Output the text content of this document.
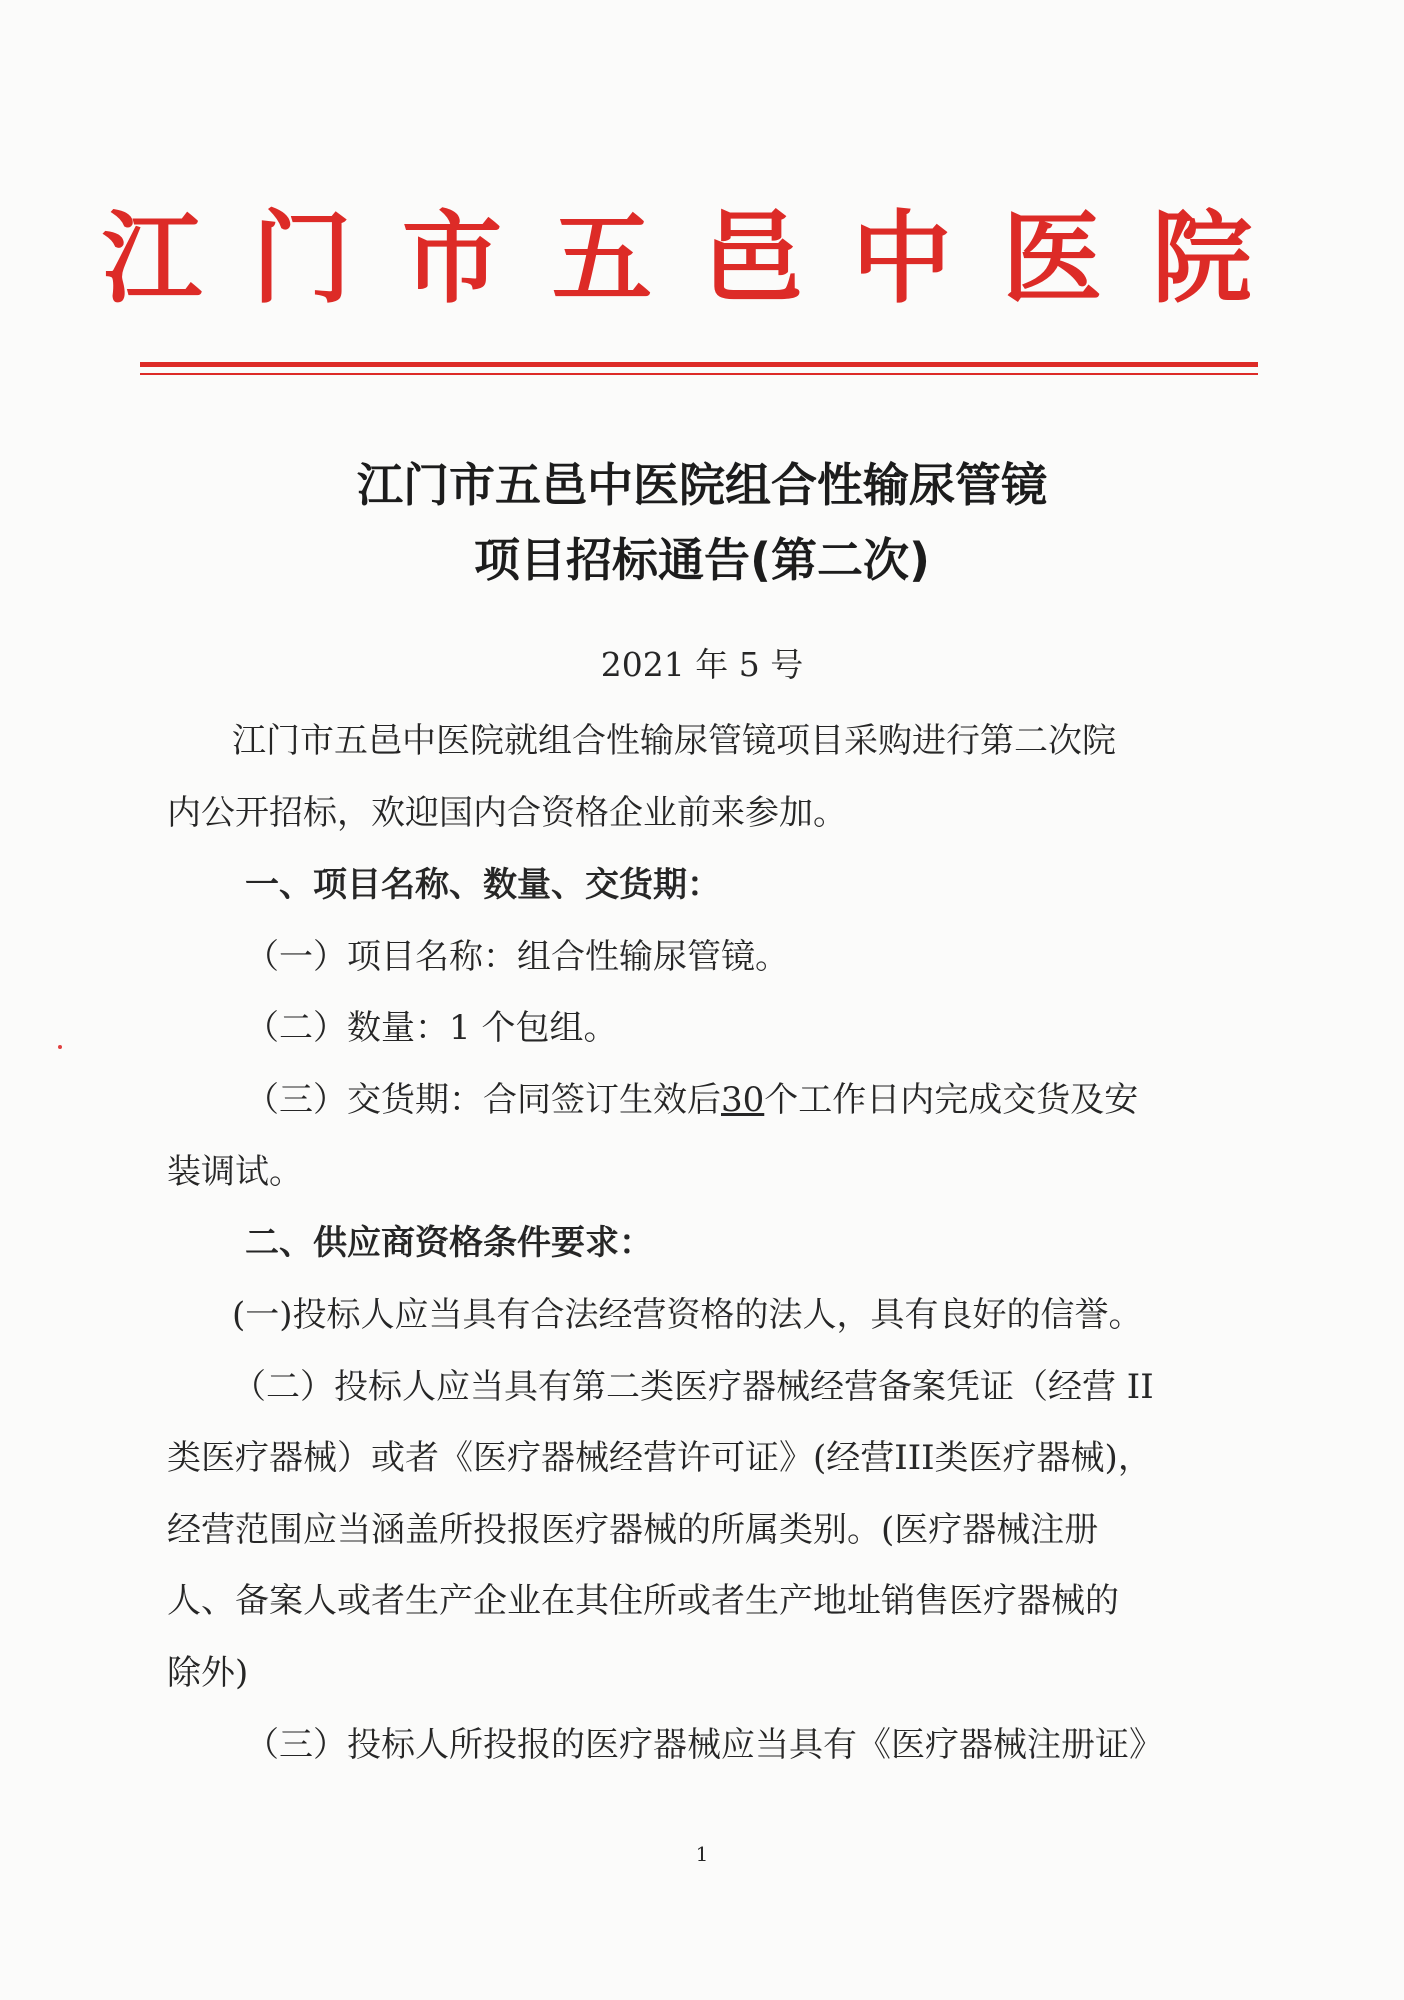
江门市五邑中医院
江门市五邑中医院组合性输尿管镜
项目招标通告(第二次)
2021 年 5 号
江门市五邑中医院就组合性输尿管镜项目采购进行第二次院
内公开招标，欢迎国内合资格企业前来参加。
一、项目名称、数量、交货期：
（一）项目名称：组合性输尿管镜。
（二）数量：1 个包组。
（三）交货期：合同签订生效后30个工作日内完成交货及安
装调试。
二、供应商资格条件要求：
(一)投标人应当具有合法经营资格的法人，具有良好的信誉。
（二）投标人应当具有第二类医疗器械经营备案凭证（经营 II
类医疗器械）或者《医疗器械经营许可证》(经营III类医疗器械)，
经营范围应当涵盖所投报医疗器械的所属类别。(医疗器械注册
人、备案人或者生产企业在其住所或者生产地址销售医疗器械的
除外)
（三）投标人所投报的医疗器械应当具有《医疗器械注册证》
1
